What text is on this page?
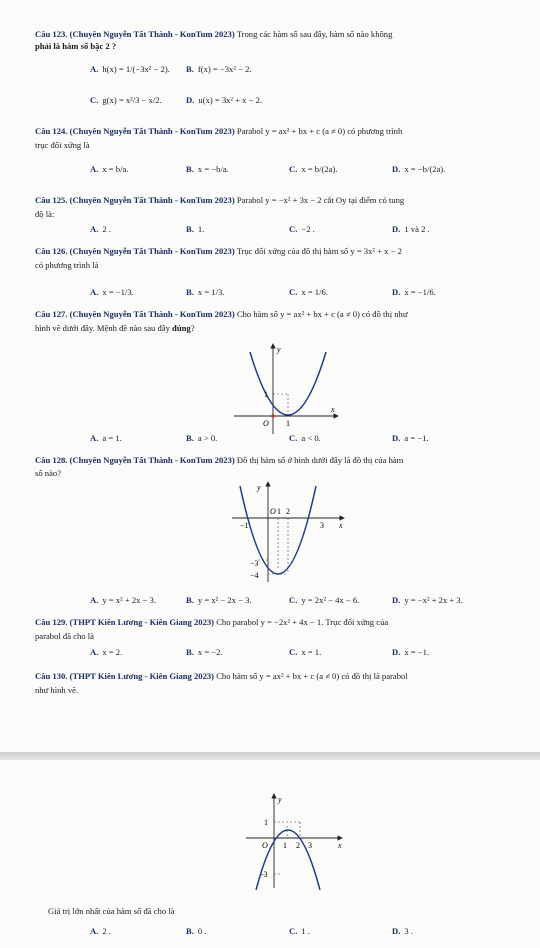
Câu 123. (Chuyên Nguyễn Tất Thành - KonTum 2023) Trong các hàm số sau đây, hàm số nào không
phải là hàm số bậc 2 ?
A. h(x) = 1/(−3x² − 2). B. f(x) = −3x² − 2.
C. g(x) = x²/3 − x/2.	D. u(x) = 3x² + x − 2.
Câu 124. (Chuyên Nguyễn Tất Thành - KonTum 2023) Parabol y = ax² + bx + c (a ≠ 0) có phương trình
trục đối xứng là
A. x = b/a.	B. x = −b/a.	C. x = b/(2a).	D. x = −b/(2a).
Câu 125. (Chuyên Nguyễn Tất Thành - KonTum 2023) Parabol y = −x² + 3x − 2 cắt Oy tại điểm có tung
độ là:
A. 2 .	B. 1.	C. −2 .	D. 1 và 2 .
Câu 126. (Chuyên Nguyễn Tất Thành - KonTum 2023) Trục đối xứng của đồ thị hàm số y = 3x² + x − 2
có phương trình là
A. x = −1/3.	B. x = 1/3.	C. x = 1/6.	D. x = −1/6.
Câu 127. (Chuyên Nguyễn Tất Thành - KonTum 2023) Cho hàm số y = ax² + bx + c (a ≠ 0) có đồ thị như
hình vẽ dưới đây. Mệnh đề nào sau đây đúng?
y
x
O
1
1
A. a = 1.	B. a > 0.	C. a < 0.	D. a = −1.
Câu 128. (Chuyên Nguyễn Tất Thành - KonTum 2023) Đồ thị hàm số ở hình dưới đây là đồ thị của hàm
số nào?
y
x
O
−1
1 2
3
−3
−4
A. y = x² + 2x − 3.	B. y = x² − 2x − 3.	C. y = 2x² − 4x − 6.	D. y = −x² + 2x + 3.
Câu 129. (THPT Kiên Lương - Kiên Giang 2023) Cho parabol y = −2x² + 4x − 1. Trục đối xứng của
parabol đã cho là
A. x = 2.	B. x = −2.	C. x = 1.	D. x = −1.
Câu 130. (THPT Kiên Lương - Kiên Giang 2023) Cho hàm số y = ax² + bx + c (a ≠ 0) có đồ thị là parabol
như hình vẽ.
y
x
O 1 2 3
1
-3
Giá trị lớn nhất của hàm số đã cho là
A. 2 .	B. 0 .	C. 1 .	D. 3 .
